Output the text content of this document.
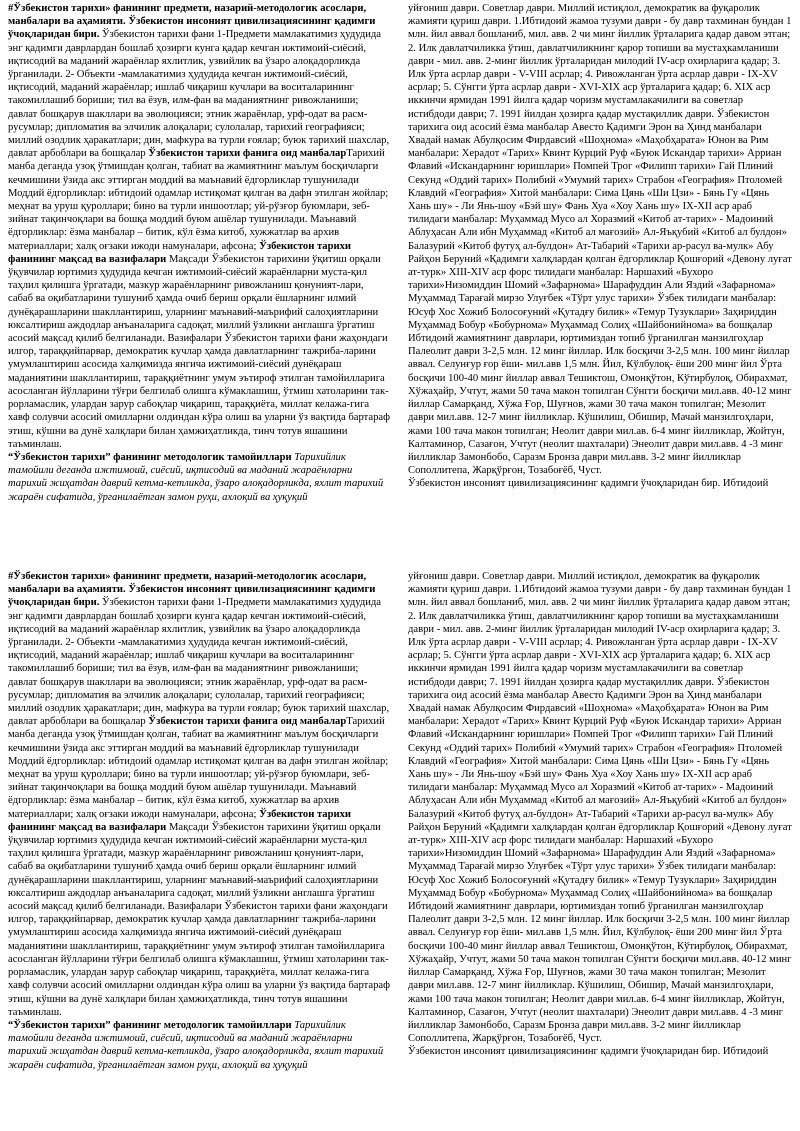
#Ўзбекистон тарихи» фанининг предмети, назарий-методологик асослари, манбалари ва аҳамияти. Ўзбекистон инсоният цивилизациясининг қадимги ўчоқларидан бири. Ўзбекистон тарихи фани 1-Предмети мамлакатимиз ҳудудида энг қадимги даврлардан бошлаб ҳозирги кунга қадар кечган ижтимоий-сиёсий, иқтисодий ва маданий жараёнлар яхлитлик, узвийлик ва ўзаро алоқадорликда ўрганилади. 2- Объекти -мамлакатимиз ҳудудида кечган ижтимоий-сиёсий, иқтисодий, маданий жараёнлар; ишлаб чиқариш кучлари ва воситаларининг такомиллашиб бориши; тил ва ёзув, илм-фан ва маданиятнинг ривожланиши; давлат бошқарув шакллари ва эволюцияси; этник жараёнлар, урф-одат ва расм-русумлар; дипломатия ва элчилик алоқалари; сулолалар, тарихий географияси; миллий озодлик ҳаракатлари; дин, мафкура ва турли ғоялар; буюк тарихий шахслар, давлат арбоблари ва бошқалар Ўзбекистон тарихи фанига оид манбаларТарихий манба деганда узоқ ўтмишдан қолган, табиат ва жамиятнинг маълум босқичларги кечмишини ўзида акс эттирган моддий ва маънавий ёдгорликлар тушунилади Моддий ёдгорликлар: ибтидоий одамлар истиқомат қилган ва дафн этилган жойлар; меҳнат ва уруш қуроллари; бино ва турли иншоотлар; уй-рўзғор буюмлари, зеб-зийнат тақинчоқлари ва бошқа моддий буюм ашёлар тушунилади. Маънавий ёдгорликлар: ёзма манбалар – битик, кўл ёзма китоб, хужжатлар ва архив материаллари; халқ оғзаки ижоди намуналари, афсона; Ўзбекистон тарихи фанининг мақсад ва вазифалари Мақсади Ўзбекистон тарихини ўқитиш орқали ўқувчилар юртимиз ҳудудида кечган ижтимоий-сиёсий жараёнларни муста-қил таҳлил қилишга ўргатади, мазкур жараёнларнинг ривожланиш қонуният-лари, сабаб ва оқибатларини тушуниб ҳамда очиб бериш орқали ёшларнинг илмий дунёқарашларини шакллантириш, уларнинг маънавий-маърифий салоҳиятларини юксалтириш аждодлар анъаналарига садоқат, миллий ўзликни англашга ўргатиш асосий мақсад қилиб белгиланади. Вазифалари Ўзбекистон тарихи фани жаҳондаги илгор, тараққийпарвар, демократик кучлар ҳамда давлатларнинг тажриба-ларини умумлаштириш асосида халқимизда янгича ижтимоий-сиёсий дунёқараш маданиятини шакллантириш, тараққиётнинг умум эътироф этилган тамойилларига асосланган йўлларини тўғри белгилаб олишга кўмаклашиш, ўтмиш хатоларини так-рорламаслик, улардан зарур сабоқлар чиқариш, тараққиёта, миллат келажа-гига хавф солувчи асосий омилларни олдиндан кўра олиш ва уларни ўз вақтида бартараф этиш, кўшни ва дунё халқлари билан ҳамжиҳатликда, тинч тотув яшашини таъминлаш.

“Ўзбекистон тарихи” фанининг методологик тамойиллари Тарихийлик тамойили деганда ижтимоий, сиёсий, иқтисодий ва маданий жараёнларни тарихий жиҳатдан даврий кетма-кетликда, ўзаро алоқадорликда, яхлит тарихий жараён сифатида, ўрганилаётган замон руҳи, ахлоқий ва ҳуқуқий

уйғониш даври. Советлар даври. Миллий истиқлол, демократик ва фуқаролик жамияти қуриш даври. 1.Ибтидоий жамоа тузуми даври - бу давр тахминан бундан 1 млн. йил аввал бошланиб, мил. авв. 2 чи минг йиллик ўрталарига қадар давом этган; 2. Илк давлатчиликка ўтиш, давлатчиликнинг қарор топиши ва мустаҳкамланиши даври - мил. авв. 2-минг йиллик ўрталаридан милодий IV-аср охирларига қадар; 3. Илк ўрта асрлар даври - V-VIII асрлар; 4. Ривожланган ўрта асрлар даври - IX-XV асрлар; 5. Сўнгги ўрта асрлар даври - XVI-XIX аср ўрталарига қадар; 6. XIX аср иккинчи ярмидан 1991 йилга қадар чоризм мустамлакачилиги ва советлар истибдоди даври; 7. 1991 йилдан ҳозирга қадар мустақиллик даври. Ўзбекистон тарихига оид асосий ёзма манбалар Авесто Қадимги Эрон ва Ҳинд манбалари Хвадай намак Абулқосим Фирдавсий «Шоҳнома» «Маҳобҳарата» Юнон ва Рим манбалари: Херадот «Тарих» Квинт Курций Руф «Буюк Искандар тарихи» Арриан Флавий «Искандарнинг юришлари» Помпей Трог «Филипп тарихи» Гай Плиний Секунд «Оддий тарих» Полибий «Умумий тарих» Страбон «География» Птоломей Клавдий «География» Хитой манбалари: Сима Цянь «Ши Цзи» - Бянь Гу «Цянь Хань шу» - Ли Янь-шоу «Бэй шу» Фань Хуа «Хоу Хань шу» IX-XII аср араб тилидаги манбалар: Муҳаммад Мусо ал Хоразмий «Китоб ат-тарих» - Мадоиний Аблуҳасан Али ибн Муҳаммад «Китоб ал мағозий» Ал-Яъқубий «Китоб ал булдон» Балазурий «Китоб футуҳ ал-булдон» Ат-Табарий «Тарихи ар-расул ва-мулк» Абу Райҳон Беруний «Қадимги халқлардан қолган ёдгорликлар Қошғорий «Девону луғат ат-турк» XIII-XIV аср форс тилидаги манбалар: Наршахий «Бухоро тарихи»Низомиддин Шомий «Зафарнома» Шарафуддин Али Яздий «Зафарнома» Муҳаммад Тарағай мирзо Улуғбек «Тўрт улус тарихи» Ўзбек тилидаги манбалар: Юсуф Хос Хожиб Болосоғуний «Қутадғу билик» «Темур Тузуклари» Заҳириддин Муҳаммад Бобур «Бобурнома» Муҳаммад Солиҳ «Шайбонийнома» ва бошқалар Ибтидоий жамиятнинг даврлари, юртимиздан топиб ўрганилган манзилгоҳлар Палеолит даври 3-2,5 млн. 12 минг йиллар. Илк босқичи 3-2,5 млн. 100 минг йиллар аввал. Селунғур ғор ёши- мил.авв 1,5 млн. Йил, Кўлбулоқ- ёши 200 минг йил Ўрта босқичи 100-40 минг йиллар аввал Тешиктош, Омонқўтон, Кўтирбулоқ, Обирахмат, Хўжаҳайр, Учтут, жами 50 тача макон топилган Сўнгги босқичи мил.авв. 40-12 минг йиллар Самарқанд, Хўжа Ғор, Шуғнов, жами 30 тача макон топилган; Мезолит даври мил.авв. 12-7 минг йилликлар. Кўшилиш, Обишир, Мачай манзилгоҳлари, жами 100 тача макон топилган; Неолит даври мил.ав. 6-4 минг йилликлар, Жойтун, Калтаминор, Сазағон, Учтут (неолит шахталари) Энеолит даври мил.авв. 4 -3 минг йилликлар Замонбобо, Саразм Бронза даври мил.авв. 3-2 минг йилликлар Сополлитепа, Жарқўрғон, Тозабоғёб, Чуст.

Ўзбекистон инсоният цивилизациясининг қадимги ўчоқларидан бир. Ибтидоий

#Ўзбекистон тарихи» фанининг предмети, назарий-методологик асослари, манбалари ва аҳамияти. Ўзбекистон инсоният цивилизациясининг қадимги ўчоқларидан бири. Ўзбекистон тарихи фани 1-Предмети мамлакатимиз ҳудудида энг қадимги даврлардан бошлаб ҳозирги кунга қадар кечган ижтимоий-сиёсий, иқтисодий ва маданий жараёнлар яхлитлик, узвийлик ва ўзаро алоқадорликда ўрганилади. 2- Объекти -мамлакатимиз ҳудудида кечган ижтимоий-сиёсий, иқтисодий, маданий жараёнлар; ишлаб чиқариш кучлари ва воситаларининг такомиллашиб бориши; тил ва ёзув, илм-фан ва маданиятнинг ривожланиши; давлат бошқарув шакллари ва эволюцияси; этник жараёнлар, урф-одат ва расм-русумлар; дипломатия ва элчилик алоқалари; сулолалар, тарихий географияси; миллий озодлик ҳаракатлари; дин, мафкура ва турли ғоялар; буюк тарихий шахслар, давлат арбоблари ва бошқалар Ўзбекистон тарихи фанига оид манбаларТарихий манба деганда узоқ ўтмишдан қолган, табиат ва жамиятнинг маълум босқичларги кечмишини ўзида акс эттирган моддий ва маънавий ёдгорликлар тушунилади Моддий ёдгорликлар: ибтидоий одамлар истиқомат қилган ва дафн этилган жойлар; меҳнат ва уруш қуроллари; бино ва турли иншоотлар; уй-рўзғор буюмлари, зеб-зийнат тақинчоқлари ва бошқа моддий буюм ашёлар тушунилади. Маънавий ёдгорликлар: ёзма манбалар – битик, кўл ёзма китоб, хужжатлар ва архив материаллари; халқ оғзаки ижоди намуналари, афсона; Ўзбекистон тарихи фанининг мақсад ва вазифалари Мақсади Ўзбекистон тарихини ўқитиш орқали ўқувчилар юртимиз ҳудудида кечган ижтимоий-сиёсий жараёнларни муста-қил таҳлил қилишга ўргатади, мазкур жараёнларнинг ривожланиш қонуният-лари, сабаб ва оқибатларини тушуниб ҳамда очиб бериш орқали ёшларнинг илмий дунёқарашларини шакллантириш, уларнинг маънавий-маърифий салоҳиятларини юксалтириш аждодлар анъаналарига садоқат, миллий ўзликни англашга ўргатиш асосий мақсад қилиб белгиланади. Вазифалари Ўзбекистон тарихи фани жаҳондаги илгор, тараққийпарвар, демократик кучлар ҳамда давлатларнинг тажриба-ларини умумлаштириш асосида халқимизда янгича ижтимоий-сиёсий дунёқараш маданиятини шакллантириш, тараққиётнинг умум эътироф этилган тамойилларига асосланган йўлларини тўғри белгилаб олишга кўмаклашиш, ўтмиш хатоларини так-рорламаслик, улардан зарур сабоқлар чиқариш, тараққиёта, миллат келажа-гига хавф солувчи асосий омилларни олдиндан кўра олиш ва уларни ўз вақтида бартараф этиш, кўшни ва дунё халқлари билан ҳамжиҳатликда, тинч тотув яшашини таъминлаш.

“Ўзбекистон тарихи” фанининг методологик тамойиллари Тарихийлик тамойили деганда ижтимоий, сиёсий, иқтисодий ва маданий жараёнларни тарихий жиҳатдан даврий кетма-кетликда, ўзаро алоқадорликда, яхлит тарихий жараён сифатида, ўрганилаётган замон руҳи, ахлоқий ва ҳуқуқий

уйғониш даври. Советлар даври. Миллий истиқлол, демократик ва фуқаролик жамияти қуриш даври. 1.Ибтидоий жамоа тузуми даври - бу давр тахминан бундан 1 млн. йил аввал бошланиб, мил. авв. 2 чи минг йиллик ўрталарига қадар давом этган; 2. Илк давлатчиликка ўтиш, давлатчиликнинг қарор топиши ва мустаҳкамланиши даври - мил. авв. 2-минг йиллик ўрталаридан милодий IV-аср охирларига қадар; 3. Илк ўрта асрлар даври - V-VIII асрлар; 4. Ривожланган ўрта асрлар даври - IX-XV асрлар; 5. Сўнгги ўрта асрлар даври - XVI-XIX аср ўрталарига қадар; 6. XIX аср иккинчи ярмидан 1991 йилга қадар чоризм мустамлакачилиги ва советлар истибдоди даври; 7. 1991 йилдан ҳозирга қадар мустақиллик даври. Ўзбекистон тарихига оид асосий ёзма манбалар Авесто Қадимги Эрон ва Ҳинд манбалари Хвадай намак Абулқосим Фирдавсий «Шоҳнома» «Маҳобҳарата» Юнон ва Рим манбалари: Херадот «Тарих» Квинт Курций Руф «Буюк Искандар тарихи» Арриан Флавий «Искандарнинг юришлари» Помпей Трог «Филипп тарихи» Гай Плиний Секунд «Оддий тарих» Полибий «Умумий тарих» Страбон «География» Птоломей Клавдий «География» Хитой манбалари: Сима Цянь «Ши Цзи» - Бянь Гу «Цянь Хань шу» - Ли Янь-шоу «Бэй шу» Фань Хуа «Хоу Хань шу» IX-XII аср араб тилидаги манбалар: Муҳаммад Мусо ал Хоразмий «Китоб ат-тарих» - Мадоиний Аблуҳасан Али ибн Муҳаммад «Китоб ал мағозий» Ал-Яъқубий «Китоб ал булдон» Балазурий «Китоб футуҳ ал-булдон» Ат-Табарий «Тарихи ар-расул ва-мулк» Абу Райҳон Беруний «Қадимги халқлардан қолган ёдгорликлар Қошғорий «Девону луғат ат-турк» XIII-XIV аср форс тилидаги манбалар: Наршахий «Бухоро тарихи»Низомиддин Шомий «Зафарнома» Шарафуддин Али Яздий «Зафарнома» Муҳаммад Тарағай мирзо Улуғбек «Тўрт улус тарихи» Ўзбек тилидаги манбалар: Юсуф Хос Хожиб Болосоғуний «Қутадғу билик» «Темур Тузуклари» Заҳириддин Муҳаммад Бобур «Бобурнома» Муҳаммад Солиҳ «Шайбонийнома» ва бошқалар Ибтидоий жамиятнинг даврлари, юртимиздан топиб ўрганилган манзилгоҳлар Палеолит даври 3-2,5 млн. 12 минг йиллар. Илк босқичи 3-2,5 млн. 100 минг йиллар аввал. Селунғур ғор ёши- мил.авв 1,5 млн. Йил, Кўлбулоқ- ёши 200 минг йил Ўрта босқичи 100-40 минг йиллар аввал Тешиктош, Омонқўтон, Кўтирбулоқ, Обирахмат, Хўжаҳайр, Учтут, жами 50 тача макон топилган Сўнгги босқичи мил.авв. 40-12 минг йиллар Самарқанд, Хўжа Ғор, Шуғнов, жами 30 тача макон топилган; Мезолит даври мил.авв. 12-7 минг йилликлар. Кўшилиш, Обишир, Мачай манзилгоҳлари, жами 100 тача макон топилган; Неолит даври мил.ав. 6-4 минг йилликлар, Жойтун, Калтаминор, Сазағон, Учтут (неолит шахталари) Энеолит даври мил.авв. 4 -3 минг йилликлар Замонбобо, Саразм Бронза даври мил.авв. 3-2 минг йилликлар Сополлитепа, Жарқўрғон, Тозабоғёб, Чуст.

Ўзбекистон инсоният цивилизациясининг қадимги ўчоқларидан бир. Ибтидоий
